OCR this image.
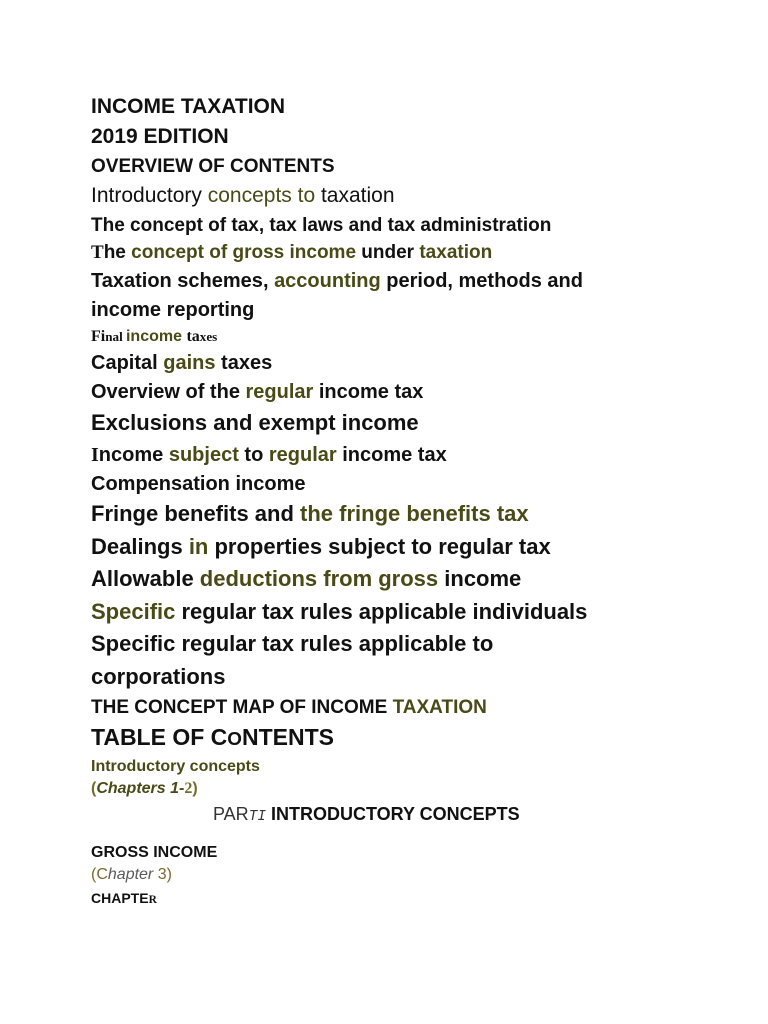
INCOME TAXATION
2019 EDITION
OVERVIEW OF CONTENTS
Introductory concepts to taxation
The concept of tax, tax laws and tax administration
The concept of gross income under taxation
Taxation schemes, accounting period, methods and
income reporting
Final income taxes
Capital gains taxes
Overview of the regular income tax
Exclusions and exempt income
Income subject to regular income tax
Compensation income
Fringe benefits and the fringe benefits tax
Dealings in properties subject to regular tax
Allowable deductions from gross income
Specific regular tax rules applicable individuals
Specific regular tax rules applicable to
corporations
THE CONCEPT MAP OF INCOME TAXATION
TABLE OF CONTENTS
Introductory concepts
(Chapters 1-2)
PARTI INTRODUCTORY CONCEPTS
GROSS INCOME
(Chapter 3)
CHAPTER
